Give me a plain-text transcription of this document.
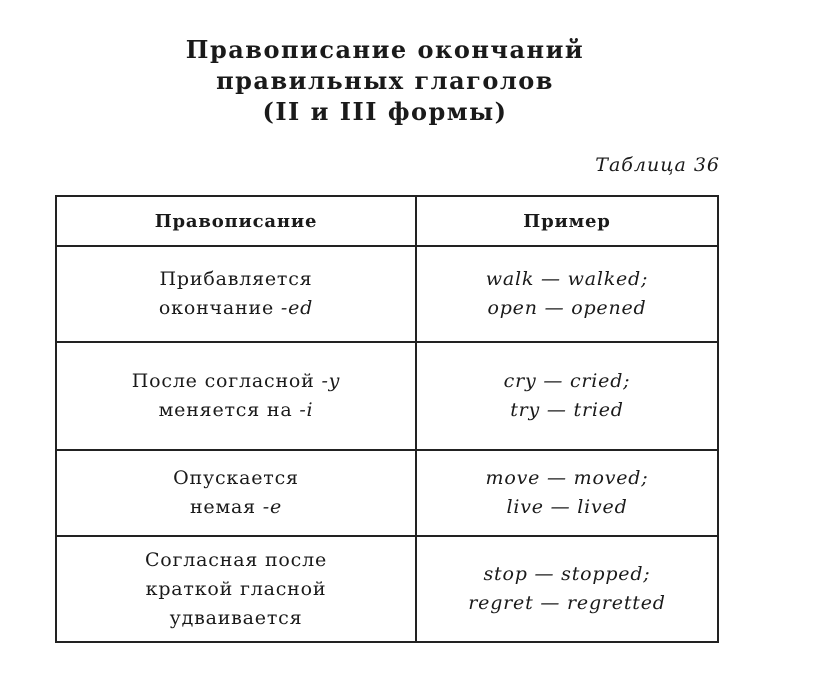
Правописание окончаний
правильных глаголов
(II и III формы)
Таблица 36
Правописание	Пример

Прибавляется
окончание -ed	walk — walked;
open — opened

После согласной -y
меняется на -i	cry — cried;
try — tried

Опускается
немая -e	move — moved;
live — lived

Согласная после
краткой гласной
удваивается	stop — stopped;
regret — regretted
